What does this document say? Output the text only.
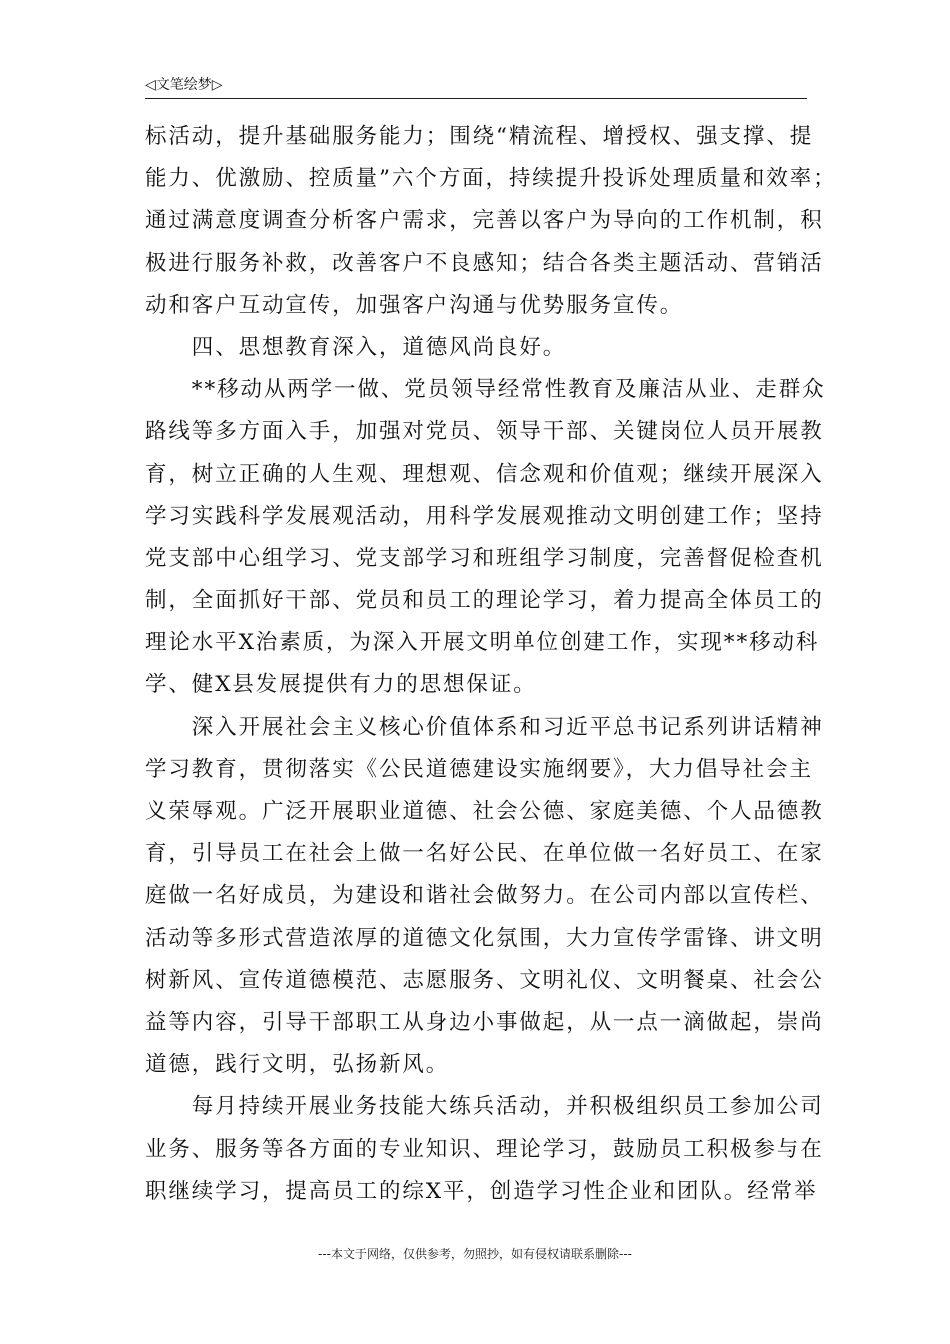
◁文笔绘梦▷
标活动，提升基础服务能力；围绕“精流程、增授权、强支撑、提
能力、优激励、控质量”六个方面，持续提升投诉处理质量和效率；
通过满意度调查分析客户需求，完善以客户为导向的工作机制，积
极进行服务补救，改善客户不良感知；结合各类主题活动、营销活
动和客户互动宣传，加强客户沟通与优势服务宣传。
　　四、思想教育深入，道德风尚良好。
　　**移动从两学一做、党员领导经常性教育及廉洁从业、走群众
路线等多方面入手，加强对党员、领导干部、关键岗位人员开展教
育，树立正确的人生观、理想观、信念观和价值观；继续开展深入
学习实践科学发展观活动，用科学发展观推动文明创建工作；坚持
党支部中心组学习、党支部学习和班组学习制度，完善督促检查机
制，全面抓好干部、党员和员工的理论学习，着力提高全体员工的
理论水平X治素质，为深入开展文明单位创建工作，实现**移动科
学、健X县发展提供有力的思想保证。
　　深入开展社会主义核心价值体系和习近平总书记系列讲话精神
学习教育，贯彻落实《公民道德建设实施纲要》，大力倡导社会主
义荣辱观。广泛开展职业道德、社会公德、家庭美德、个人品德教
育，引导员工在社会上做一名好公民、在单位做一名好员工、在家
庭做一名好成员，为建设和谐社会做努力。在公司内部以宣传栏、
活动等多形式营造浓厚的道德文化氛围，大力宣传学雷锋、讲文明
树新风、宣传道德模范、志愿服务、文明礼仪、文明餐桌、社会公
益等内容，引导干部职工从身边小事做起，从一点一滴做起，崇尚
道德，践行文明，弘扬新风。
　　每月持续开展业务技能大练兵活动，并积极组织员工参加公司
业务、服务等各方面的专业知识、理论学习，鼓励员工积极参与在
职继续学习，提高员工的综X平，创造学习性企业和团队。经常举
---本文于网络，仅供参考，勿照抄，如有侵权请联系删除---
